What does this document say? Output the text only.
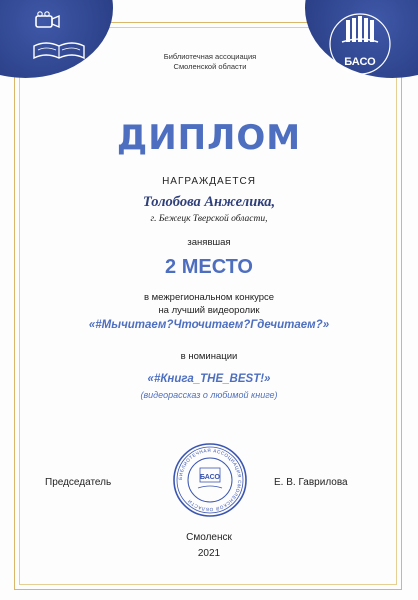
БАСО
Библиотечная ассоциация
Смоленской области
ДИПЛОМ
НАГРАЖДАЕТСЯ
Толобова Анжелика,
г. Бежецк Тверской области,
занявшая
2 МЕСТО
в межрегиональном конкурсе
на лучший видеоролик
«#Мычитаем?Чточитаем?Гдечитаем?»
в номинации
«#Книга_THE_BEST!»
(видеорассказ о любимой книге)
Председатель	Е. В. Гаврилова
БИБЛИОТЕЧНАЯ АССОЦИАЦИЯ СМОЛЕНСКОЙ ОБЛАСТИ
БАСО
Смоленск
2021
